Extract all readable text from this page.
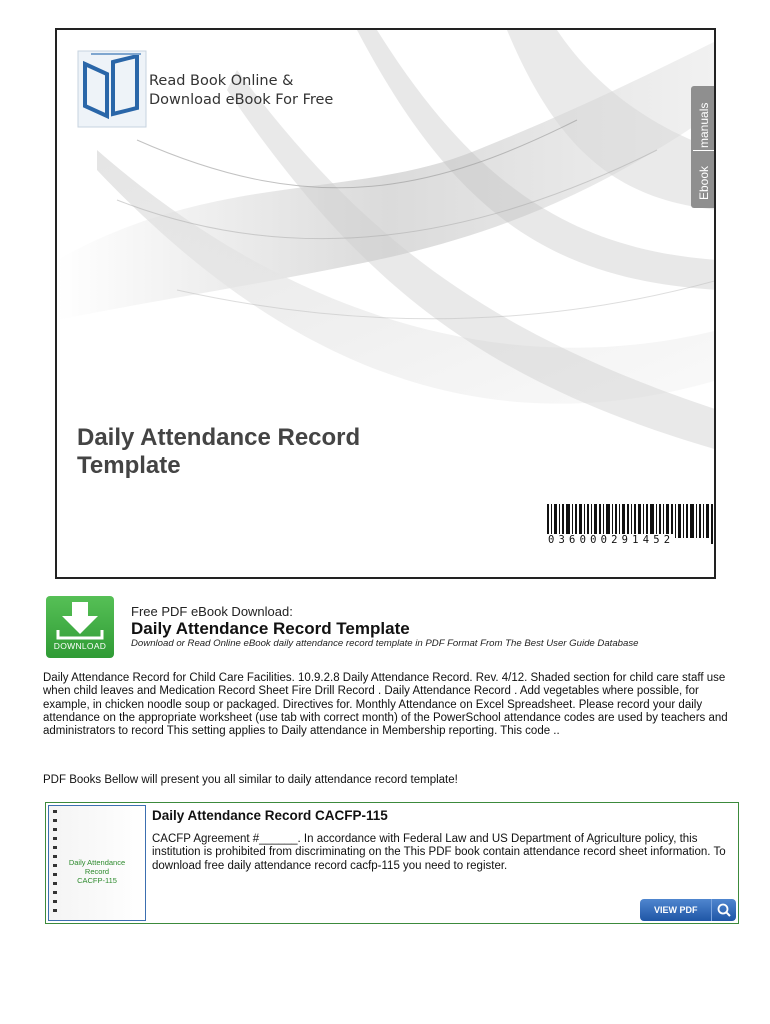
Read Book Online &
Download eBook For Free
manuals
Ebook
Daily Attendance Record
Template
036000291452
DOWNLOAD
Free PDF eBook Download:
Daily Attendance Record Template
Download or Read Online eBook daily attendance record template in PDF Format From The Best User Guide Database

Daily Attendance Record for Child Care Facilities. 10.9.2.8 Daily Attendance Record. Rev. 4/12. Shaded section for child care staff use when child leaves and Medication Record Sheet Fire Drill Record . Daily Attendance Record . Add vegetables where possible, for example, in chicken noodle soup or packaged. Directives for. Monthly Attendance on Excel Spreadsheet. Please record your daily attendance on the appropriate worksheet (use tab with correct month) of the PowerSchool attendance codes are used by teachers and administrators to record This setting applies to Daily attendance in Membership reporting. This code ..

PDF Books Bellow will present you all similar to daily attendance record template!
Daily Attendance
Record
CACFP-115
Daily Attendance Record CACFP-115

CACFP Agreement #______. In accordance with Federal Law and US Department of Agriculture policy, this institution is prohibited from discriminating on the This PDF book contain attendance record sheet information. To download free daily attendance record cacfp-115 you need to register.

VIEW PDF
